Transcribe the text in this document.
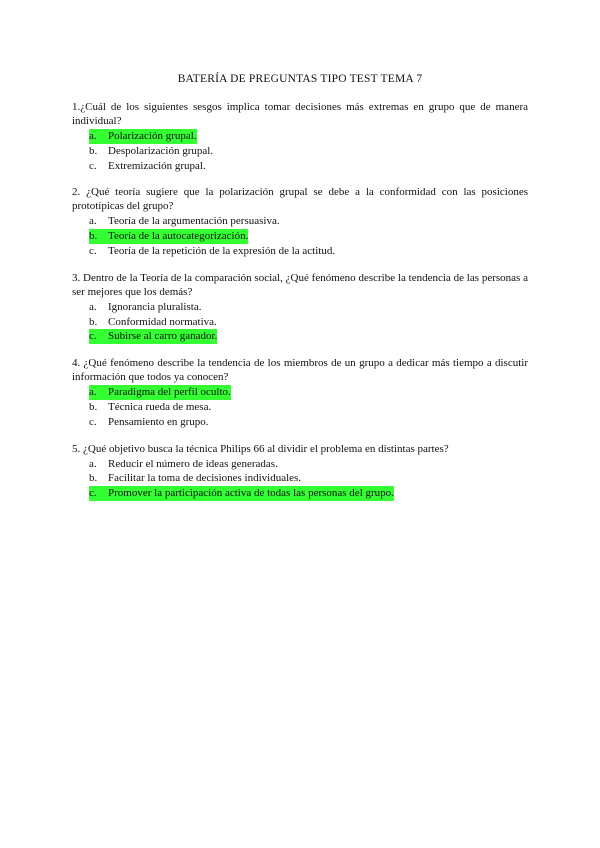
BATERÍA DE PREGUNTAS TIPO TEST TEMA 7

1.¿Cuál de los siguientes sesgos implica tomar decisiones más extremas en grupo que de manera individual?

a.	Polarización grupal.
b. Despolarización grupal.
c.	Extremización grupal.

2. ¿Qué teoría sugiere que la polarización grupal se debe a la conformidad con las posiciones prototípicas del grupo?

a.	Teoría de la argumentación persuasiva.
b. Teoría de la autocategorización.
c.	Teoría de la repetición de la expresión de la actitud.

3. Dentro de la Teoría de la comparación social, ¿Qué fenómeno describe la tendencia de las personas a ser mejores que los demás?

a.	Ignorancia pluralista.
b. Conformidad normativa.
c.	Subirse al carro ganador.

4. ¿Qué fenómeno describe la tendencia de los miembros de un grupo a dedicar más tiempo a discutir información que todos ya conocen?

a.	Paradigma del perfil oculto.
b. Técnica rueda de mesa.
c.	Pensamiento en grupo.

5. ¿Qué objetivo busca la técnica Philips 66 al dividir el problema en distintas partes?

a.	Reducir el número de ideas generadas.
b. Facilitar la toma de decisiones individuales.
c.	Promover la participación activa de todas las personas del grupo.
